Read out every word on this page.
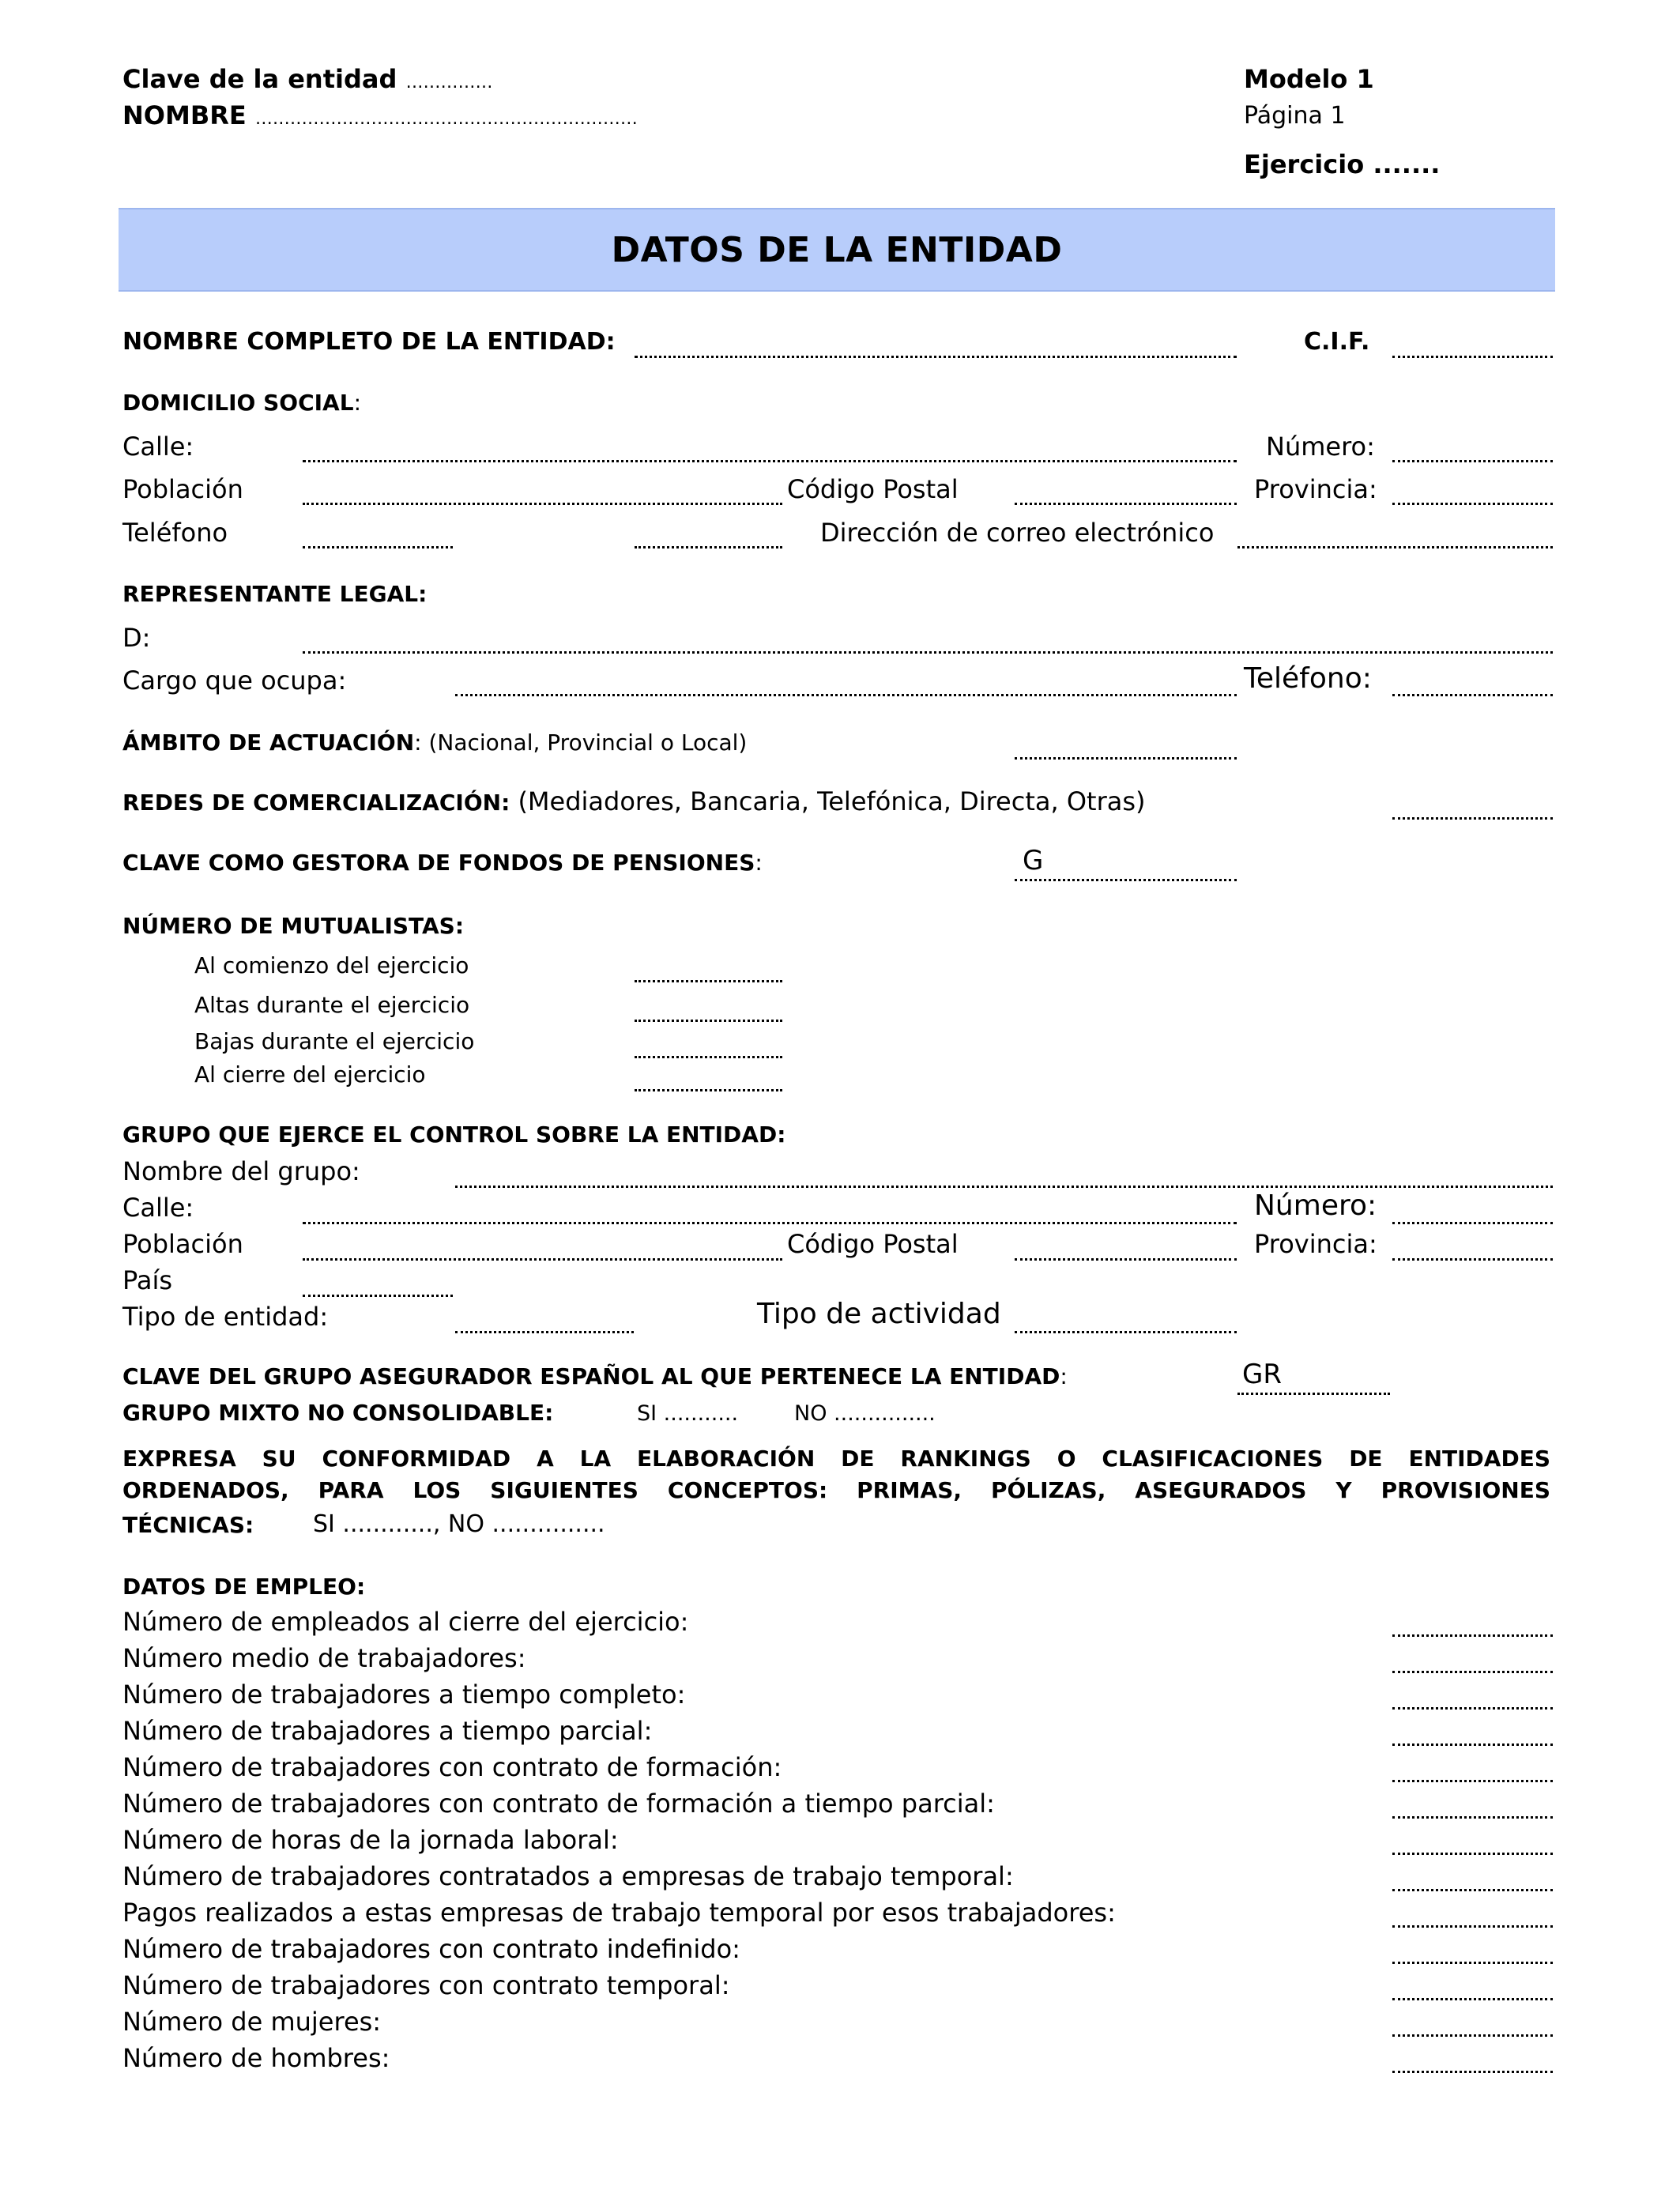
Clave de la entidad ……………
NOMBRE …………………………………………………………
Modelo 1
Página 1
Ejercicio .......
DATOS DE LA ENTIDAD
NOMBRE COMPLETO DE LA ENTIDAD:	C.I.F.
DOMICILIO SOCIAL:
Calle:	Número:
Población	Código Postal	Provincia:
Teléfono	Dirección de correo electrónico
REPRESENTANTE LEGAL:
D:
Cargo que ocupa:	Teléfono:
ÁMBITO DE ACTUACIÓN: (Nacional, Provincial o Local)
REDES DE COMERCIALIZACIÓN: (Mediadores, Bancaria, Telefónica, Directa, Otras)
CLAVE COMO GESTORA DE FONDOS DE PENSIONES:	G
NÚMERO DE MUTUALISTAS:
Al comienzo del ejercicio
Altas durante el ejercicio
Bajas durante el ejercicio
Al cierre del ejercicio
GRUPO QUE EJERCE EL CONTROL SOBRE LA ENTIDAD:
Nombre del grupo:
Calle:	Número:
Población	Código Postal	Provincia:
País
Tipo de entidad:	Tipo de actividad
CLAVE DEL GRUPO ASEGURADOR ESPAÑOL AL QUE PERTENECE LA ENTIDAD:	GR
GRUPO MIXTO NO CONSOLIDABLE:	SI ...........	NO ...............
EXPRESA SU CONFORMIDAD A LA ELABORACIÓN DE RANKINGS O CLASIFICACIONES DE ENTIDADES
ORDENADOS, PARA LOS SIGUIENTES CONCEPTOS: PRIMAS, PÓLIZAS, ASEGURADOS Y PROVISIONES
TÉCNICAS: SI ............, NO ...............
DATOS DE EMPLEO:
Número de empleados al cierre del ejercicio:
Número medio de trabajadores:
Número de trabajadores a tiempo completo:
Número de trabajadores a tiempo parcial:
Número de trabajadores con contrato de formación:
Número de trabajadores con contrato de formación a tiempo parcial:
Número de horas de la jornada laboral:
Número de trabajadores contratados a empresas de trabajo temporal:
Pagos realizados a estas empresas de trabajo temporal por esos trabajadores:
Número de trabajadores con contrato indefinido:
Número de trabajadores con contrato temporal:
Número de mujeres:
Número de hombres:
